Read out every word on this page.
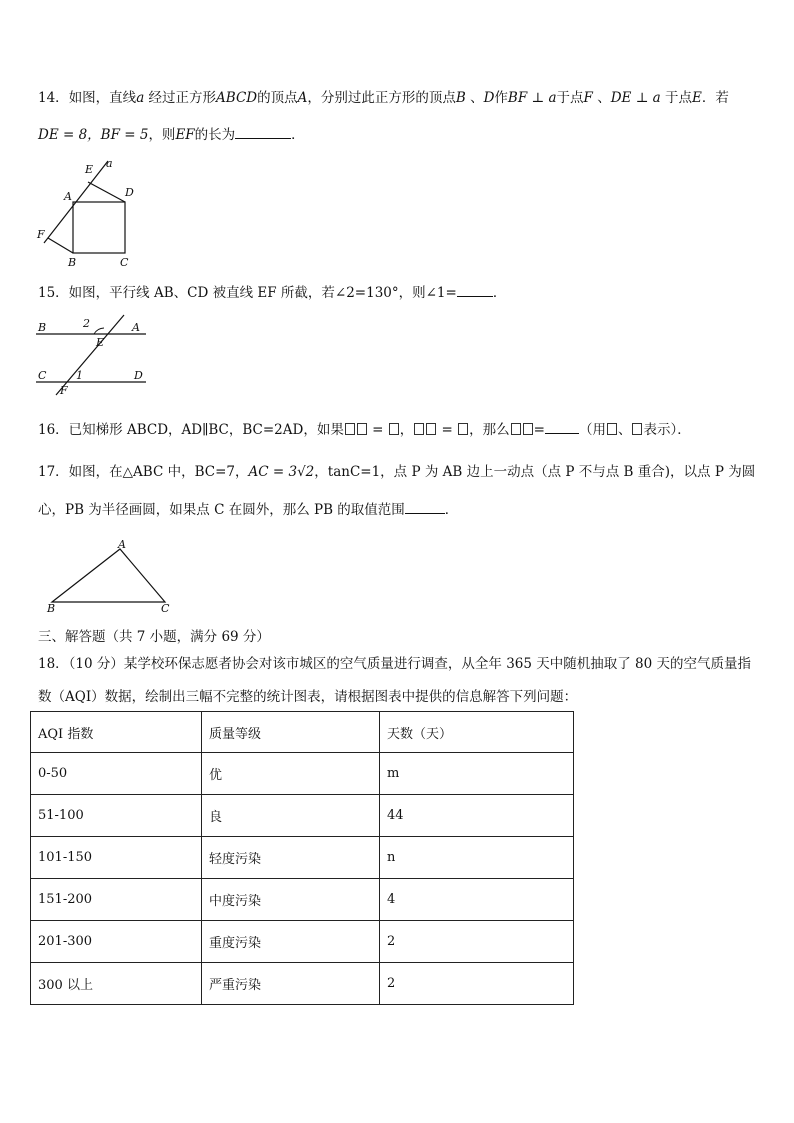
14．如图，直线a 经过正方形ABCD的顶点A，分别过此正方形的顶点B 、D作BF ⊥ a于点F 、DE ⊥ a 于点E．若
DE = 8，BF = 5，则EF的长为	．
E a
A	D
F
B	C
15．如图，平行线 AB、CD 被直线 EF 所截，若∠2=130°，则∠1=	．
B	2	A
E
C	1	D
F
16．已知梯形 ABCD，AD∥BC，BC=2AD，如果 = ， = ，那么 =	（用 、 表示）．
17．如图，在△ABC 中，BC=7，AC = 3√2，tanC=1，点 P 为 AB 边上一动点（点 P 不与点 B 重合)，以点 P 为圆
心，PB 为半径画圆，如果点 C 在圆外，那么 PB 的取值范围	．
A
B	C
三、解答题（共 7 小题，满分 69 分）
18．（10 分）某学校环保志愿者协会对该市城区的空气质量进行调查，从全年 365 天中随机抽取了 80 天的空气质量指
数（AQI）数据，绘制出三幅不完整的统计图表，请根据图表中提供的信息解答下列问题：
AQI 指数	质量等级	天数（天）
0-50	优	m
51-100	良	44
101-150	轻度污染	n
151-200	中度污染	4
201-300	重度污染	2
300 以上	严重污染	2
